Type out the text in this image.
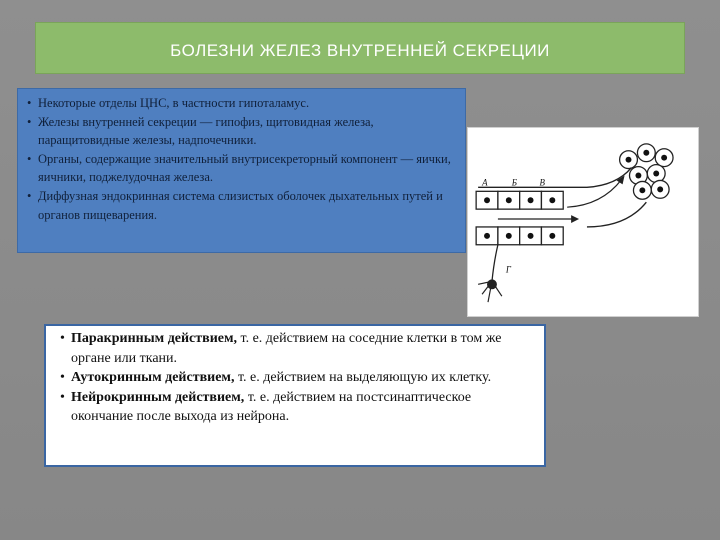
БОЛЕЗНИ ЖЕЛЕЗ ВНУТРЕННЕЙ СЕКРЕЦИИ
• Некоторые отделы ЦНС, в частности гипоталамус.
• Железы внутренней секреции — гипофиз, щитовидная железа, паращитовидные железы, надпочечники.
• Органы, содержащие значительный внутрисекреторный компонент — яички, яичники, поджелудочная железа.
• Диффузная эндокринная система слизистых оболочек дыхательных путей и органов пищеварения.
А	Б В
Г
• Паракринным действием, т. е. действием на соседние клетки в том же органе или ткани.
• Аутокринным действием, т. е. действием на выделяющую их клетку.
• Нейрокринным действием, т. е. действием на постсинаптическое окончание после выхода из нейрона.
